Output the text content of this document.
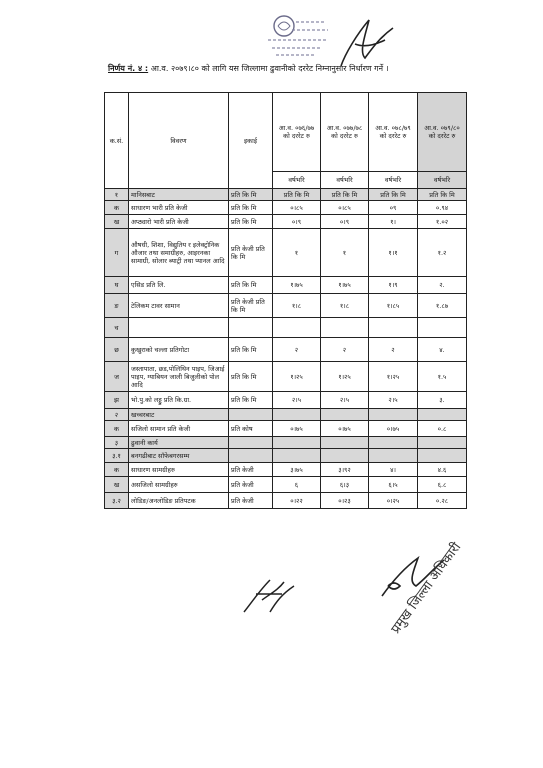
निर्णय नं. ४ : आ.व. २०७९।८० को लागि यस जिल्लामा ढुवानीको दररेट निम्नानुसार निर्धारण गर्ने ।
क.सं.	विवरण	इकाई	आ.व. ०७६/७७ को दररेट रु	आ.व. ०७७/७८ को दररेट रु	आ.व. ०७८/७९ को दररेट रु	आ.व. ०७९/८० को दररेट रु
			वर्षभरि	वर्षभरि	वर्षभरि	वर्षभरि
१	मानिसबाट	प्रति कि मि	प्रति कि मि	प्रति कि मि	प्रति कि मि	प्रति कि मि
क	साधारण भारी प्रति केजी	प्रति कि मि	०।८५	०।८५	०९	०.९४
ख	अप्ठ्यारो भारी प्रति केजी	प्रति कि मि	०।९	०।९	१।	१.०२
ग	औषधी, शिशा, विद्युतिय र इलेक्ट्रोनिक औजार तथा समाग्रीहरु, आइरनका सामाग्री, सोलार ब्याट्री तथा प्यानल आदि	प्रति केजी प्रति कि मि	१	१	१।१	१.२
घ	एसिड प्रति लि.	प्रति कि मि	१।७५	१।७५	१।९	२.
ङ	टेलिकम टावर सामान	प्रति केजी प्रति कि मि	१।८	१।८	१।८५	१.८७
च						
छ	कुखुराको चल्ला प्रतिगोटा	प्रति कि मि	२	२	२	४.
ज	जस्तापाता, छड,पोलिथिन पाइप, जिआई पाइप, ग्याबियन जाली बिजुलीको पोल आदि	प्रति कि मि	१।२५	१।२५	१।२५	१.५
झ	भो.पु.को लड्डु प्रति कि.ग्रा.	प्रति कि मि	२।५	२।५	२।५	३.
२	खच्चरबाट					
क	सजिलो सामान प्रति केजी	प्रति कोष	०।७५	०।७५	०।७५	०.८
३	ढुवानी कार्य					
३.१	बनगढीबाट सॉफेबगरसम्म					
क	साधारण सामग्रीहरु	प्रति केजी	३।७५	३।९२	४।	४.६
ख	असजिलो सामग्रीहरु	प्रति केजी	६	६।३	६।५	६.८
३.२	लोडिङ/अनलोडिङ प्रतिपटक	प्रति केजी	०।२२	०।२३	०।२५	०.२८
प्रमुख जिल्ला अधिकारी
